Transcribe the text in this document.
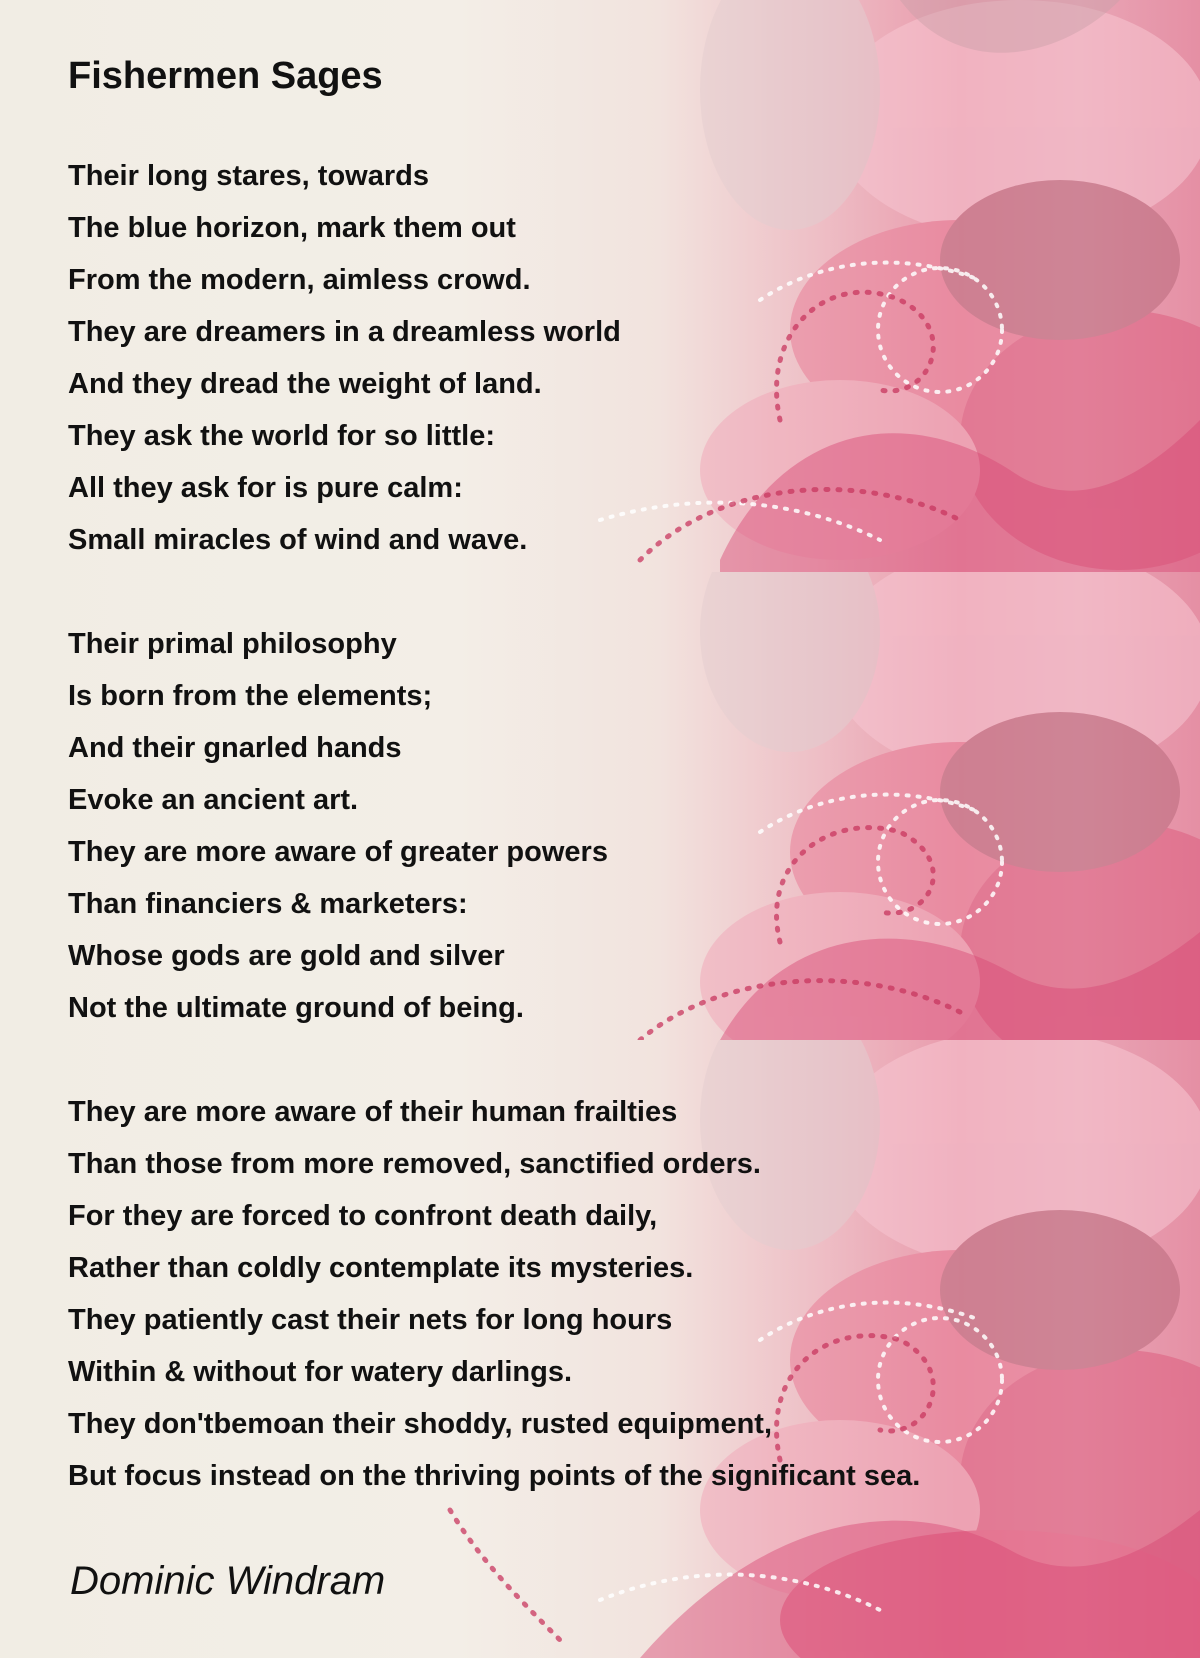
Fishermen Sages
Their long stares, towards
The blue horizon, mark them out
From the modern, aimless crowd.
They are dreamers in a dreamless world
And they dread the weight of land.
They ask the world for so little:
All they ask for is pure calm:
Small miracles of wind and wave.
Their primal philosophy
Is born from the elements;
And their gnarled hands
Evoke an ancient art.
They are more aware of greater powers
Than financiers & marketers:
Whose gods are gold and silver
Not the ultimate ground of being.
They are more aware of their human frailties
Than those from more removed, sanctified orders.
For they are forced to confront death daily,
Rather than coldly contemplate its mysteries.
They patiently cast their nets for long hours
Within & without for watery darlings.
They don'tbemoan their shoddy, rusted equipment,
But focus instead on the thriving points of the significant sea.
Dominic Windram
